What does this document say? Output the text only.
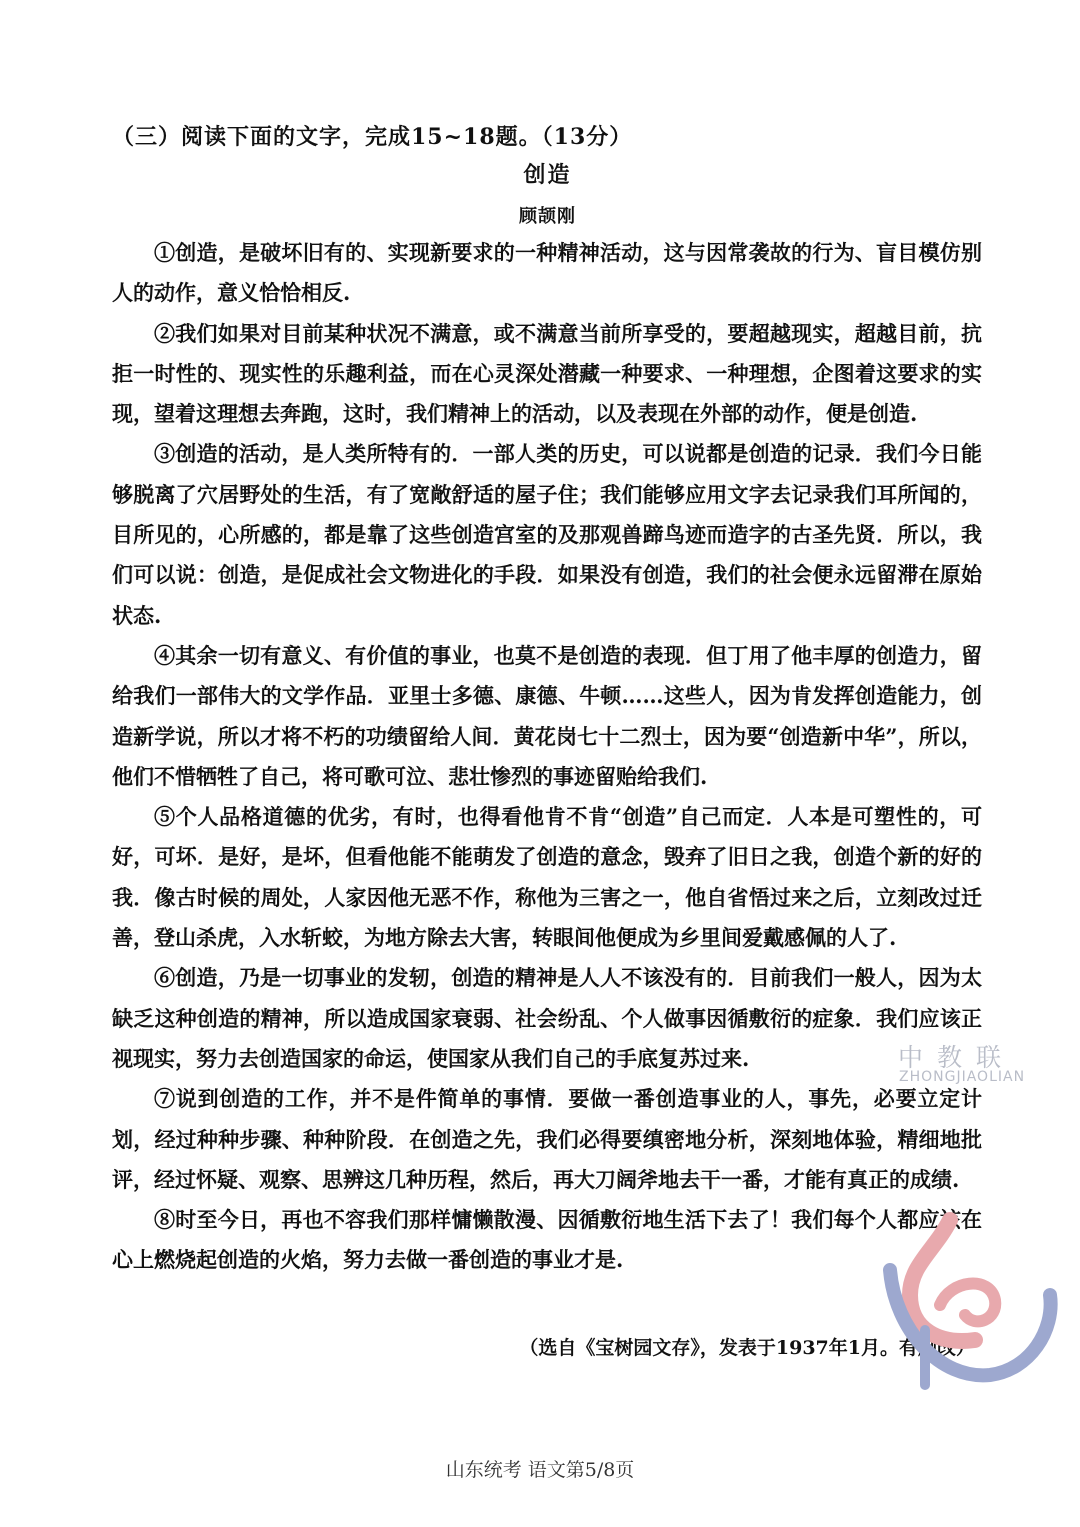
（三）阅读下面的文字，完成15~18题。（13分）
创造
顾颉刚

①创造，是破坏旧有的、实现新要求的一种精神活动，这与因常袭故的行为、盲目模仿别人的动作，意义恰恰相反.

②我们如果对目前某种状况不满意，或不满意当前所享受的，要超越现实，超越目前，抗拒一时性的、现实性的乐趣利益，而在心灵深处潜藏一种要求、一种理想，企图着这要求的实现，望着这理想去奔跑，这时，我们精神上的活动，以及表现在外部的动作，便是创造.

③创造的活动，是人类所特有的．一部人类的历史，可以说都是创造的记录．我们今日能够脱离了穴居野处的生活，有了宽敞舒适的屋子住；我们能够应用文字去记录我们耳所闻的，目所见的，心所感的，都是靠了这些创造宫室的及那观兽蹄鸟迹而造字的古圣先贤．所以，我们可以说：创造，是促成社会文物进化的手段．如果没有创造，我们的社会便永远留滞在原始状态.

④其余一切有意义、有价值的事业，也莫不是创造的表现．但丁用了他丰厚的创造力，留给我们一部伟大的文学作品．亚里士多德、康德、牛顿……这些人，因为肯发挥创造能力，创造新学说，所以才将不朽的功绩留给人间．黄花岗七十二烈士，因为要“创造新中华”，所以，他们不惜牺牲了自己，将可歌可泣、悲壮惨烈的事迹留贻给我们.

⑤个人品格道德的优劣，有时，也得看他肯不肯“创造”自己而定．人本是可塑性的，可好，可坏．是好，是坏，但看他能不能萌发了创造的意念，毁弃了旧日之我，创造个新的好的我．像古时候的周处，人家因他无恶不作，称他为三害之一，他自省悟过来之后，立刻改过迁善，登山杀虎，入水斩蛟，为地方除去大害，转眼间他便成为乡里间爱戴感佩的人了.

⑥创造，乃是一切事业的发轫，创造的精神是人人不该没有的．目前我们一般人，因为太缺乏这种创造的精神，所以造成国家衰弱、社会纷乱、个人做事因循敷衍的症象．我们应该正视现实，努力去创造国家的命运，使国家从我们自己的手底复苏过来.

⑦说到创造的工作，并不是件简单的事情．要做一番创造事业的人，事先，必要立定计划，经过种种步骤、种种阶段．在创造之先，我们必得要缜密地分析，深刻地体验，精细地批评，经过怀疑、观察、思辨这几种历程，然后，再大刀阔斧地去干一番，才能有真正的成绩.

⑧时至今日，再也不容我们那样慵懒散漫、因循敷衍地生活下去了！我们每个人都应该在心上燃烧起创造的火焰，努力去做一番创造的事业才是.

（选自《宝树园文存》，发表于1937年1月。有删改）
中教联
ZHONGJIAOLIAN
山东统考 语文第5/8页
